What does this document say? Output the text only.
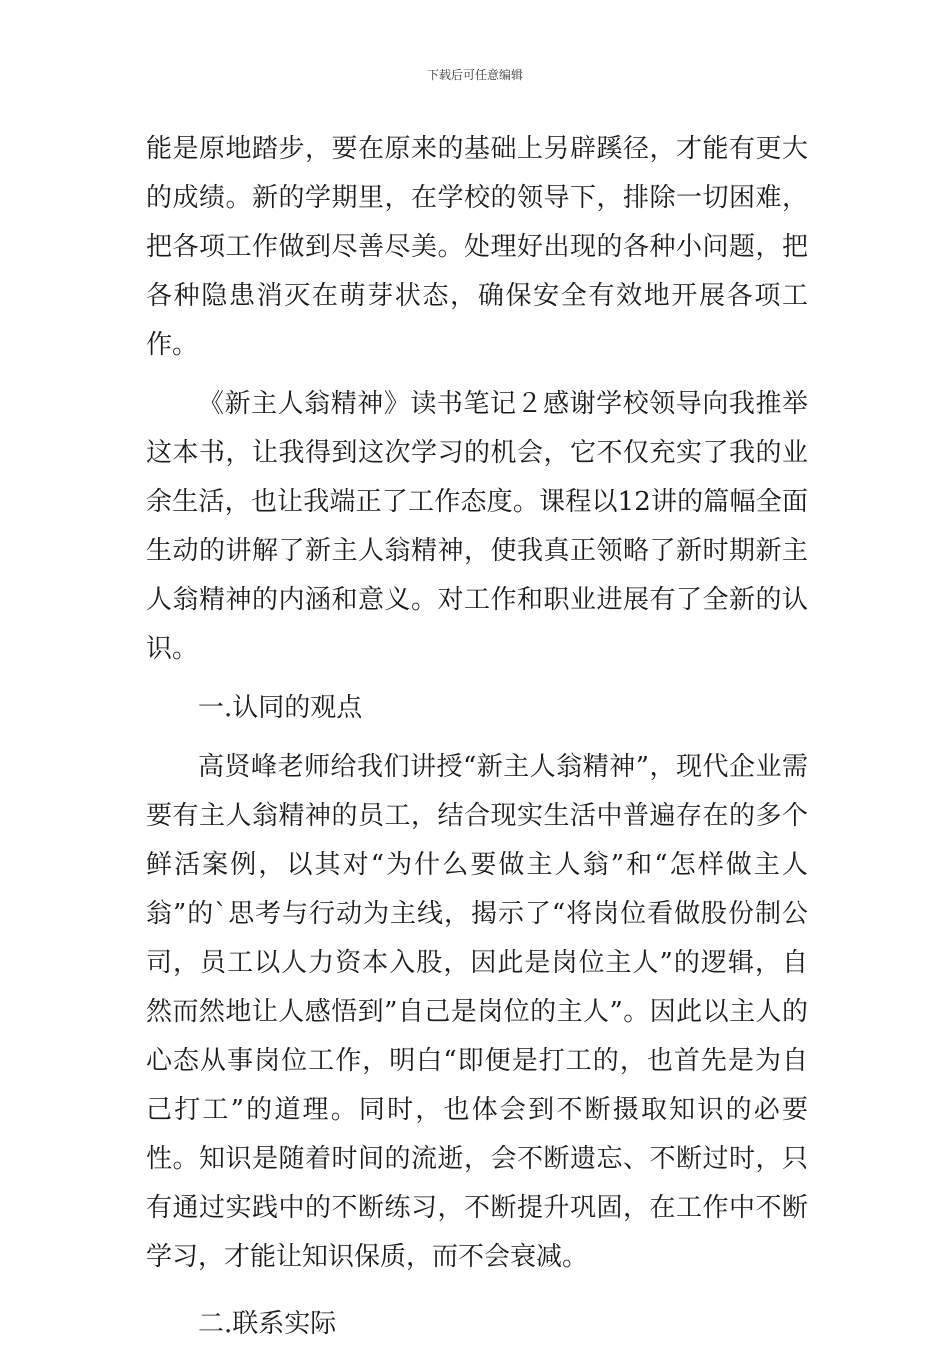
下载后可任意编辑

能是原地踏步，要在原来的基础上另辟蹊径，才能有更大的成绩。新的学期里，在学校的领导下，排除一切困难，把各项工作做到尽善尽美。处理好出现的各种小问题，把各种隐患消灭在萌芽状态，确保安全有效地开展各项工作。

《新主人翁精神》读书笔记２感谢学校领导向我推举这本书，让我得到这次学习的机会，它不仅充实了我的业余生活，也让我端正了工作态度。课程以12讲的篇幅全面生动的讲解了新主人翁精神，使我真正领略了新时期新主人翁精神的内涵和意义。对工作和职业进展有了全新的认识。

一.认同的观点

高贤峰老师给我们讲授“新主人翁精神”，现代企业需要有主人翁精神的员工，结合现实生活中普遍存在的多个鲜活案例，以其对“为什么要做主人翁”和“怎样做主人翁”的`思考与行动为主线，揭示了“将岗位看做股份制公司，员工以人力资本入股，因此是岗位主人”的逻辑，自然而然地让人感悟到”自己是岗位的主人”。因此以主人的心态从事岗位工作，明白“即便是打工的，也首先是为自己打工”的道理。同时，也体会到不断摄取知识的必要性。知识是随着时间的流逝，会不断遗忘、不断过时，只有通过实践中的不断练习，不断提升巩固，在工作中不断学习，才能让知识保质，而不会衰减。

二.联系实际
